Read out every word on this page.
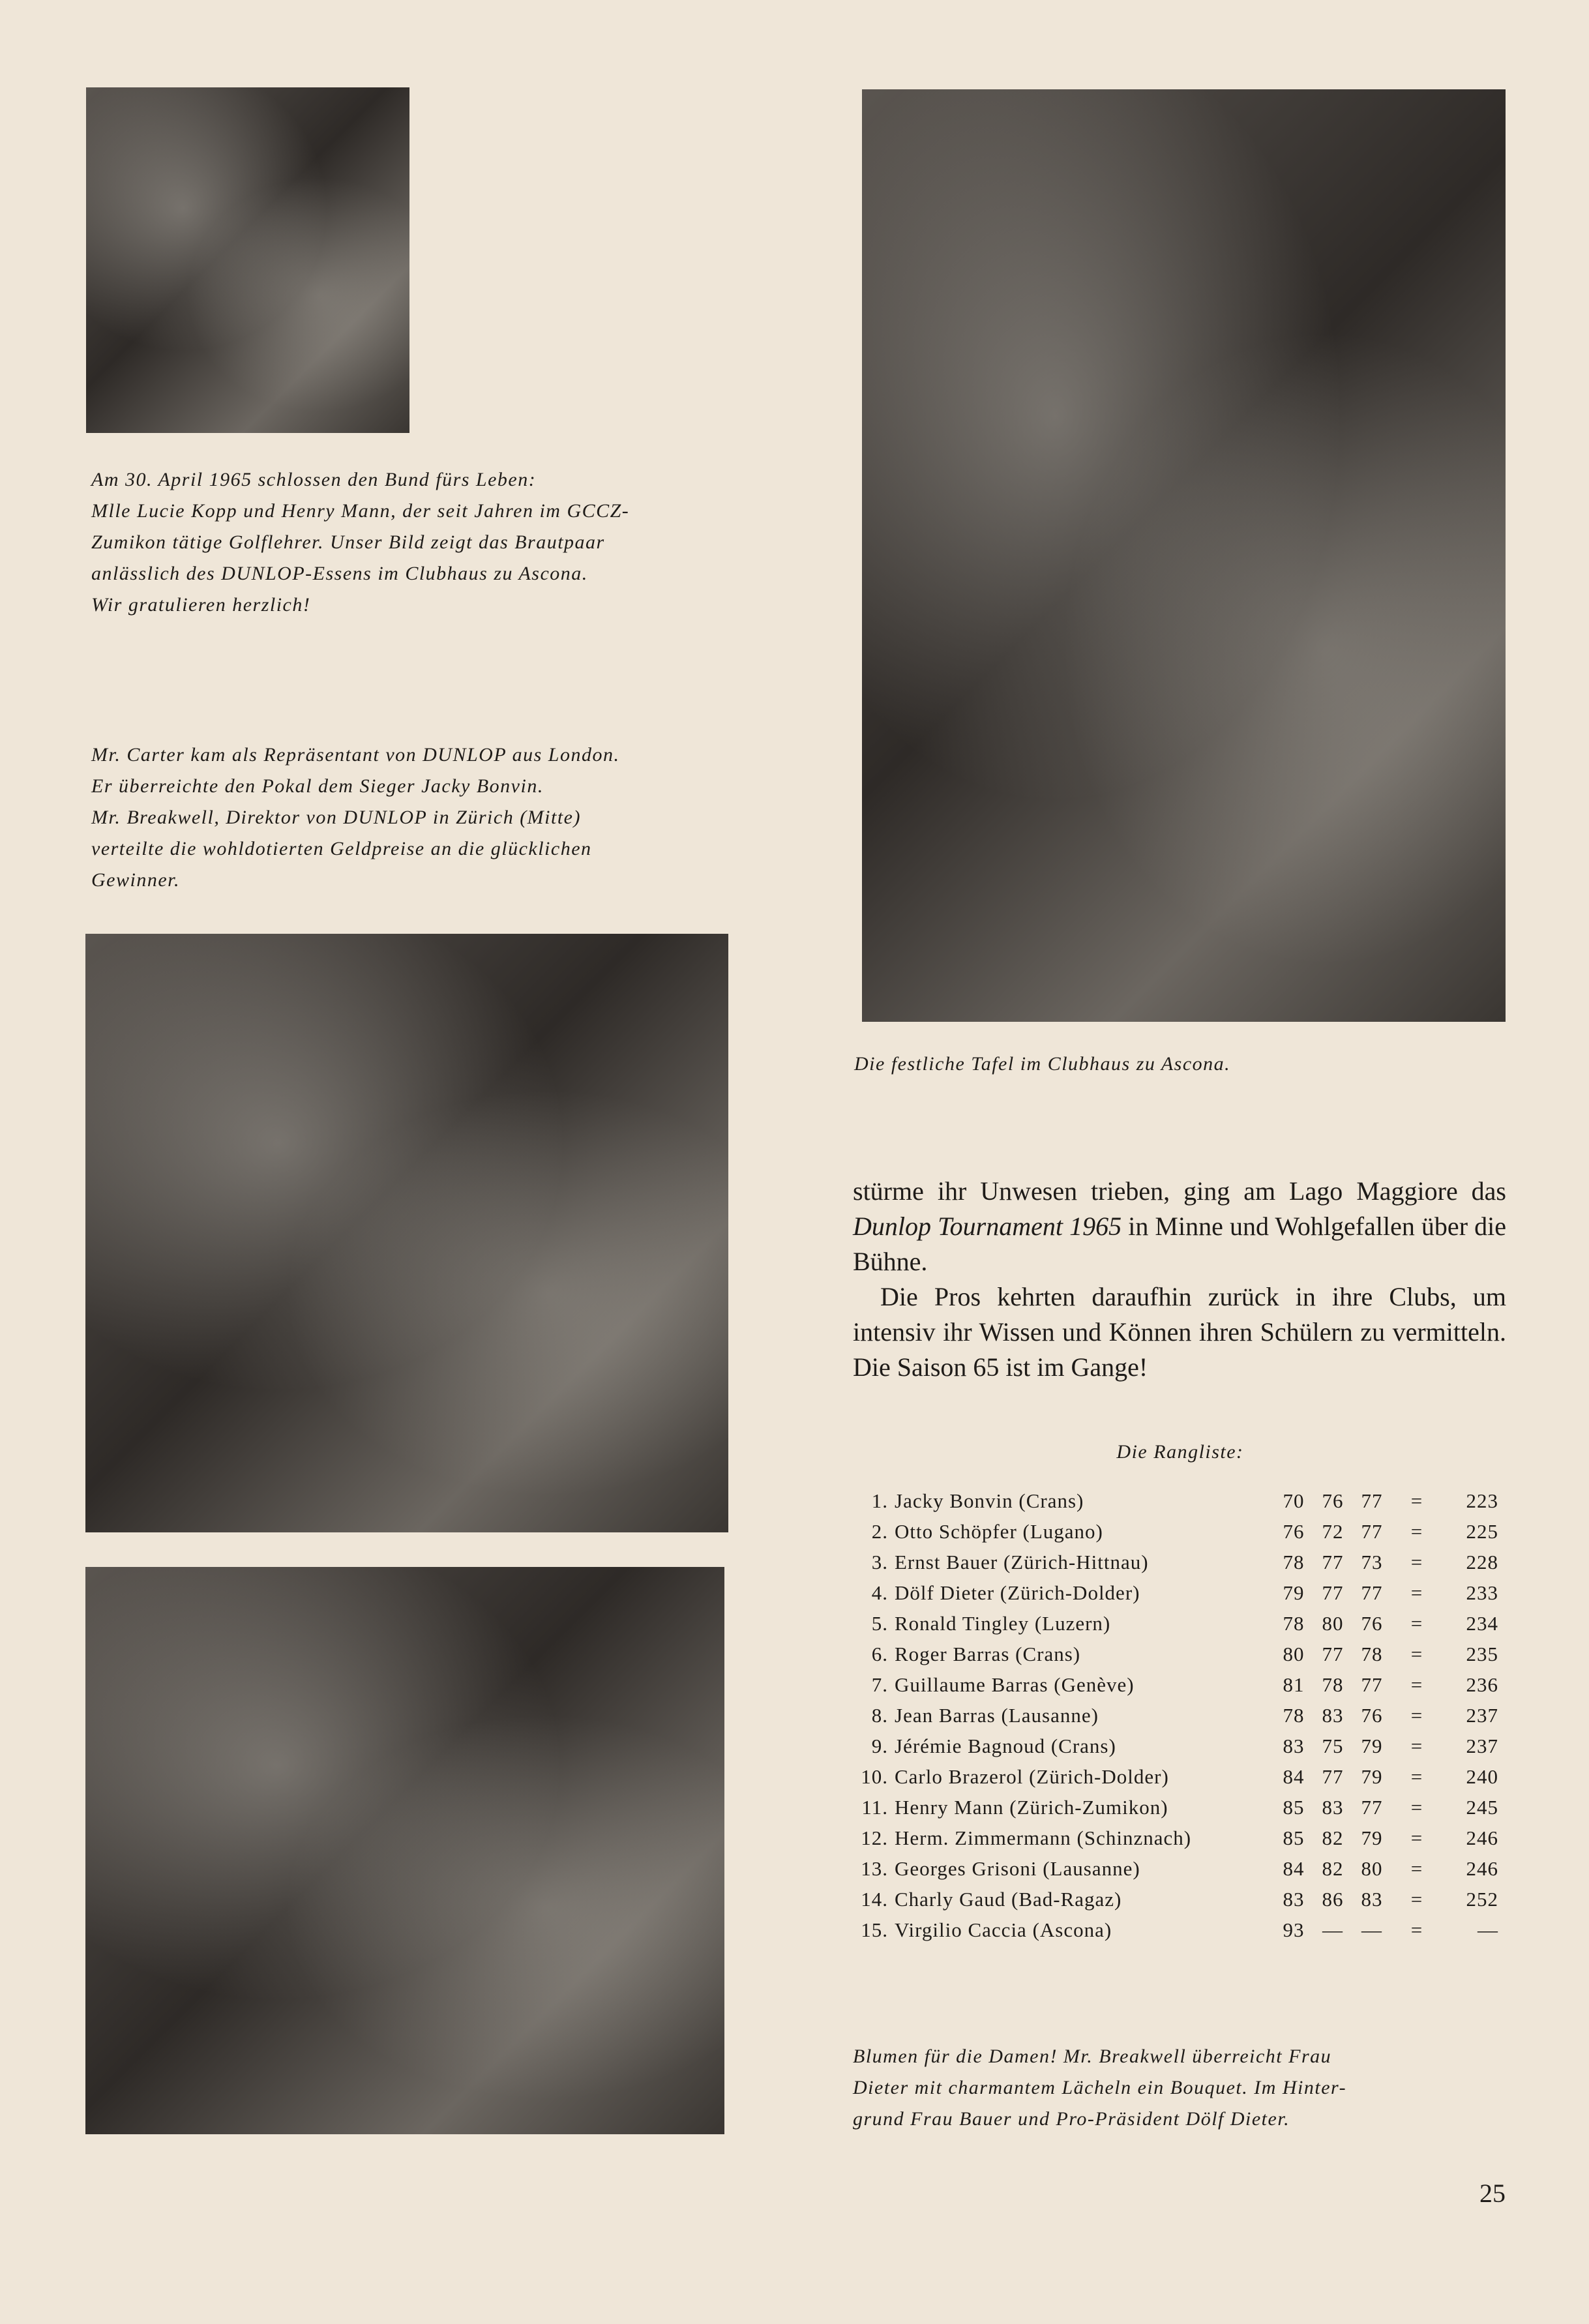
Am 30. April 1965 schlossen den Bund fürs Leben:

Mlle Lucie Kopp und Henry Mann, der seit Jahren im GCCZ-

Zumikon tätige Golflehrer. Unser Bild zeigt das Brautpaar

anlässlich des DUNLOP-Essens im Clubhaus zu Ascona.

Wir gratulieren herzlich!

Mr. Carter kam als Repräsentant von DUNLOP aus London.

Er überreichte den Pokal dem Sieger Jacky Bonvin.

Mr. Breakwell, Direktor von DUNLOP in Zürich (Mitte)

verteilte die wohldotierten Geldpreise an die glücklichen

Gewinner.

Die festliche Tafel im Clubhaus zu Ascona.

Blumen für die Damen! Mr. Breakwell überreicht Frau

Dieter mit charmantem Lächeln ein Bouquet. Im Hinter-

grund Frau Bauer und Pro-Präsident Dölf Dieter.

stürme ihr Unwesen trieben, ging am Lago Maggiore das Dunlop Tournament 1965 in Minne und Wohlgefallen über die Bühne.

Die Pros kehrten daraufhin zurück in ihre Clubs, um intensiv ihr Wissen und Können ihren Schülern zu vermitteln. Die Saison 65 ist im Gange!

Die Rangliste:
1.	Jacky Bonvin (Crans)	70	76	77	=	223
2.	Otto Schöpfer (Lugano)	76	72	77	=	225
3.	Ernst Bauer (Zürich-Hittnau)	78	77	73	=	228
4.	Dölf Dieter (Zürich-Dolder)	79	77	77	=	233
5.	Ronald Tingley (Luzern)	78	80	76	=	234
6.	Roger Barras (Crans)	80	77	78	=	235
7.	Guillaume Barras (Genève)	81	78	77	=	236
8.	Jean Barras (Lausanne)	78	83	76	=	237
9.	Jérémie Bagnoud (Crans)	83	75	79	=	237
10.	Carlo Brazerol (Zürich-Dolder)	84	77	79	=	240
11.	Henry Mann (Zürich-Zumikon)	85	83	77	=	245
12.	Herm. Zimmermann (Schinznach)	85	82	79	=	246
13.	Georges Grisoni (Lausanne)	84	82	80	=	246
14.	Charly Gaud (Bad-Ragaz)	83	86	83	=	252
15.	Virgilio Caccia (Ascona)	93	—	—	=	—
25
